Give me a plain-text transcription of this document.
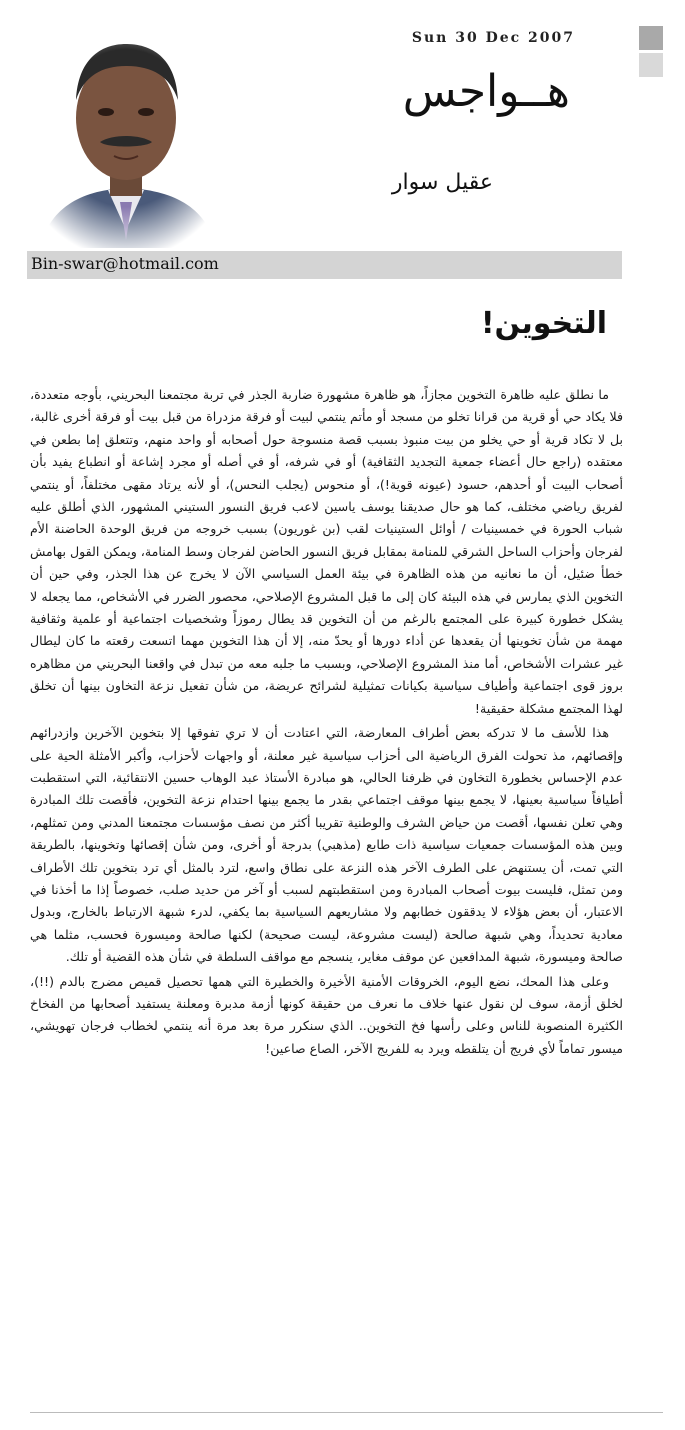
Sun 30 Dec 2007
هــواجس
عقيل سوار
Bin-swar@hotmail.com
التخوين!

ما نطلق عليه ظاهرة التخوين مجازاً، هو ظاهرة مشهورة ضاربة الجذر في تربة مجتمعنا البحريني، بأوجه متعددة، فلا يكاد حي أو قرية من قرانا تخلو من مسجد أو مأتم ينتمي لبيت أو فرقة مزدراة من قبل بيت أو فرقة أخرى غالبة، بل لا تكاد قرية أو حي يخلو من بيت منبوذ بسبب قصة منسوجة حول أصحابه أو واحد منهم، وتتعلق إما بطعن في معتقده (راجع حال أعضاء جمعية التجديد الثقافية) أو في شرفه، أو في أصله أو مجرد إشاعة أو انطباع يفيد بأن أصحاب البيت أو أحدهم، حسود (عيونه قوية!)، أو منحوس (يجلب النحس)، أو لأنه يرتاد مقهى مختلفاً، أو ينتمي لفريق رياضي مختلف، كما هو حال صديقنا يوسف ياسين لاعب فريق النسور الستيني المشهور، الذي أطلق عليه شباب الحورة في خمسينيات / أوائل الستينيات لقب (بن غوريون) بسبب خروجه من فريق الوحدة الحاضنة الأم لفرجان وأحزاب الساحل الشرقي للمنامة بمقابل فريق النسور الحاضن لفرجان وسط المنامة، ويمكن القول بهامش خطأ ضئيل، أن ما نعانيه من هذه الظاهرة في بيئة العمل السياسي الآن لا يخرج عن هذا الجذر، وفي حين أن التخوين الذي يمارس في هذه البيئة كان إلى ما قبل المشروع الإصلاحي، محصور الضرر في الأشخاص، مما يجعله لا يشكل خطورة كبيرة على المجتمع بالرغم من أن التخوين قد يطال رموزاً وشخصيات اجتماعية أو علمية وثقافية مهمة من شأن تخوينها أن يقعدها عن أداء دورها أو يحدّ منه، إلا أن هذا التخوين مهما اتسعت رقعته ما كان ليطال غير عشرات الأشخاص، أما منذ المشروع الإصلاحي، وبسبب ما جلبه معه من تبدل في واقعنا البحريني من مظاهره بروز قوى اجتماعية وأطياف سياسية بكيانات تمثيلية لشرائح عريضة، من شأن تفعيل نزعة التخاون بينها أن تخلق لهذا المجتمع مشكلة حقيقية!

هذا للأسف ما لا تدركه بعض أطراف المعارضة، التي اعتادت أن لا تري تفوقها إلا بتخوين الآخرين وازدرائهم وإقصائهم، مذ تحولت الفرق الرياضية الى أحزاب سياسية غير معلنة، أو واجهات لأحزاب، وأكبر الأمثلة الحية على عدم الإحساس بخطورة التخاون في ظرفنا الحالي، هو مبادرة الأستاذ عبد الوهاب حسين الانتقائية، التي استقطبت أطيافاً سياسية بعينها، لا يجمع بينها موقف اجتماعي بقدر ما يجمع بينها احتدام نزعة التخوين، فأقصت تلك المبادرة وهي تعلن نفسها، أقصت من حياض الشرف والوطنية تقريبا أكثر من نصف مؤسسات مجتمعنا المدني ومن تمثلهم، وبين هذه المؤسسات جمعيات سياسية ذات طابع (مذهبي) بدرجة أو أخرى، ومن شأن إقصائها وتخوينها، بالطريقة التي تمت، أن يستنهض على الطرف الآخر هذه النزعة على نطاق واسع، لترد بالمثل أي ترد بتخوين تلك الأطراف ومن تمثل، فليست بيوت أصحاب المبادرة ومن استقطبتهم لسبب أو آخر من حديد صلب، خصوصاً إذا ما أخذنا في الاعتبار، أن بعض هؤلاء لا يدققون خطابهم ولا مشاريعهم السياسية بما يكفي، لدرء شبهة الارتباط بالخارج، وبدول معادية تحديداً، وهي شبهة صالحة (ليست مشروعة، ليست صحيحة) لكنها صالحة وميسورة فحسب، مثلما هي صالحة وميسورة، شبهة المدافعين عن موقف مغاير، ينسجم مع مواقف السلطة في شأن هذه القضية أو تلك.

وعلى هذا المحك، نضع اليوم، الخروقات الأمنية الأخيرة والخطيرة التي همها تحصيل قميص مضرج بالدم (!!)، لخلق أزمة، سوف لن نقول عنها خلاف ما نعرف من حقيقة كونها أزمة مدبرة ومعلنة يستفيد أصحابها من الفخاخ الكثيرة المنصوبة للناس وعلى رأسها فخ التخوين.. الذي سنكرر مرة بعد مرة أنه ينتمي لخطاب فرجان تهويشي، ميسور تماماً لأي فريج أن يتلقطه ويرد به للفريج الآخر، الصاع صاعين!
